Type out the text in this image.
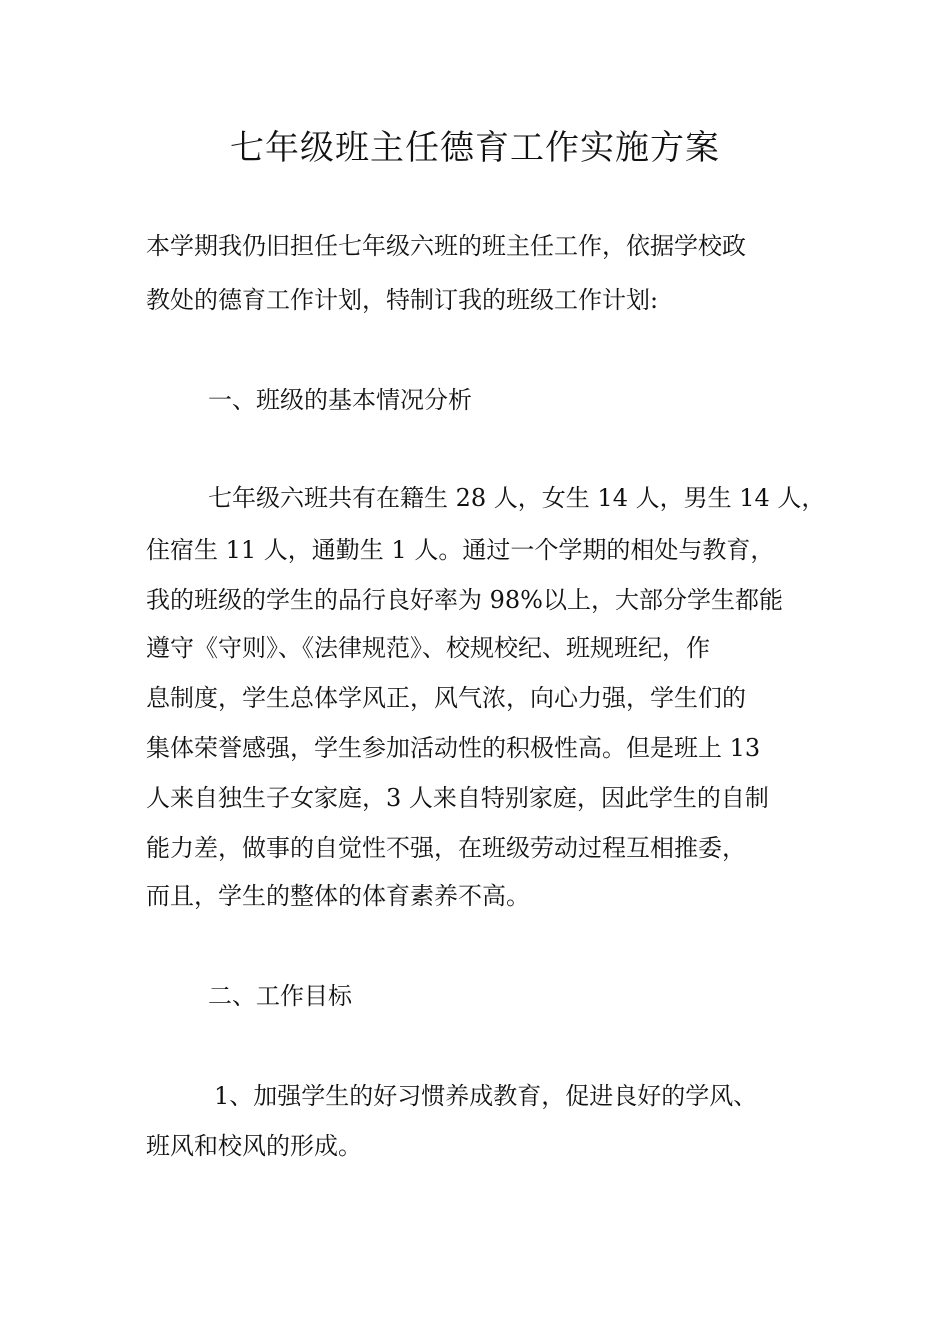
七年级班主任德育工作实施方案
本学期我仍旧担任七年级六班的班主任工作，依据学校政
教处的德育工作计划，特制订我的班级工作计划:
一、班级的基本情况分析
七年级六班共有在籍生 28 人，女生 14 人，男生 14 人，
住宿生 11 人，通勤生 1 人。通过一个学期的相处与教育，
我的班级的学生的品行良好率为 98%以上，大部分学生都能
遵守《守则》、《法律规范》、校规校纪、班规班纪，作
息制度，学生总体学风正，风气浓，向心力强，学生们的
集体荣誉感强，学生参加活动性的积极性高。但是班上 13
人来自独生子女家庭，3 人来自特别家庭，因此学生的自制
能力差，做事的自觉性不强，在班级劳动过程互相推委，
而且，学生的整体的体育素养不高。
二、工作目标
1、加强学生的好习惯养成教育，促进良好的学风、
班风和校风的形成。
